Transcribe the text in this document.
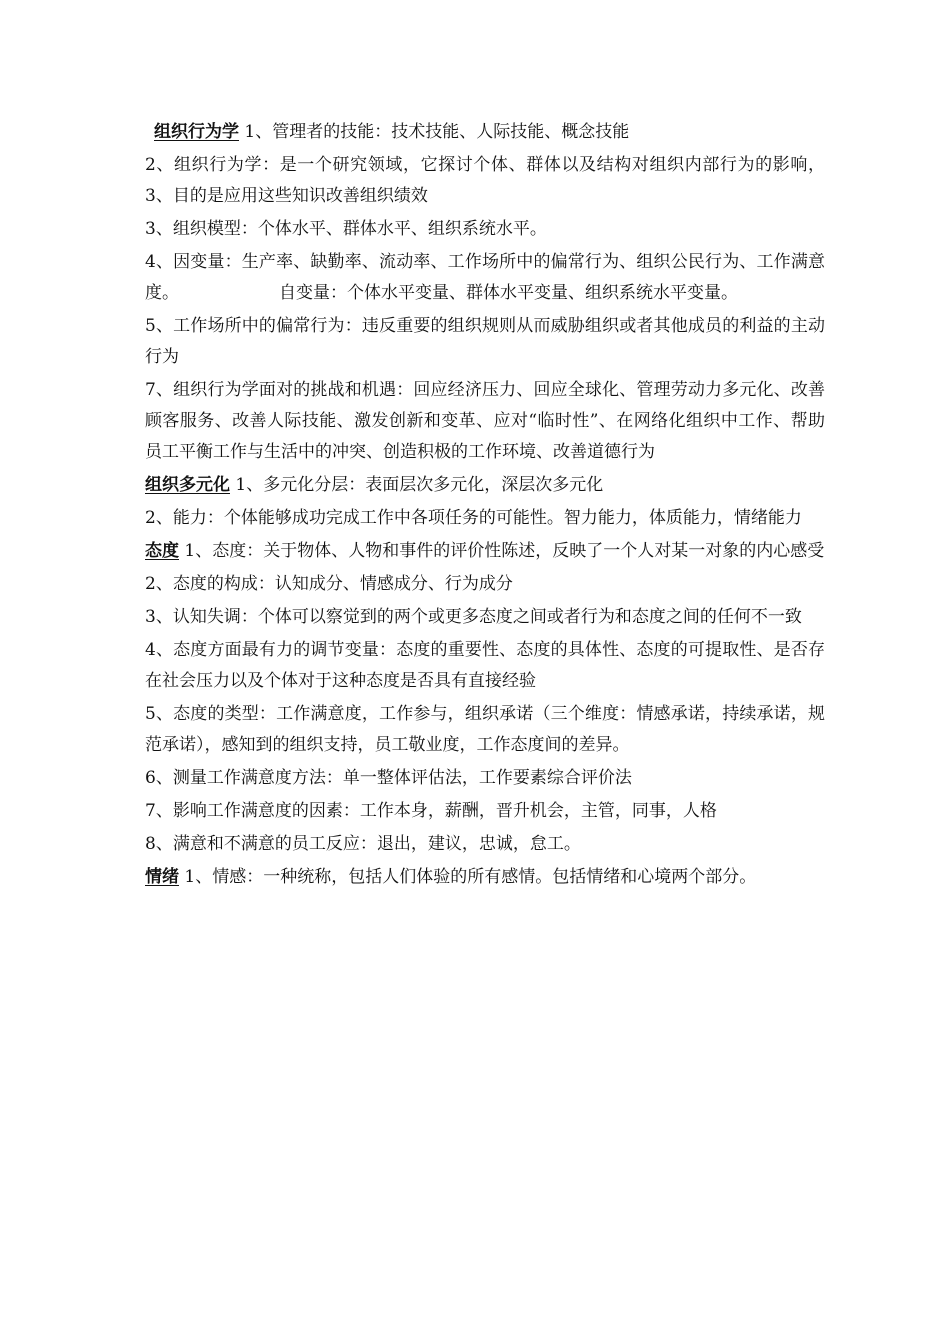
组织行为学 1、管理者的技能：技术技能、人际技能、概念技能

2、组织行为学：是一个研究领域，它探讨个体、群体以及结构对组织内部行为的影响，3、目的是应用这些知识改善组织绩效

3、组织模型：个体水平、群体水平、组织系统水平。

4、因变量：生产率、缺勤率、流动率、工作场所中的偏常行为、组织公民行为、工作满意度。	自变量：个体水平变量、群体水平变量、组织系统水平变量。

5、工作场所中的偏常行为：违反重要的组织规则从而威胁组织或者其他成员的利益的主动行为

7、组织行为学面对的挑战和机遇：回应经济压力、回应全球化、管理劳动力多元化、改善顾客服务、改善人际技能、激发创新和变革、应对“临时性”、在网络化组织中工作、帮助员工平衡工作与生活中的冲突、创造积极的工作环境、改善道德行为

组织多元化 1、多元化分层：表面层次多元化，深层次多元化

2、能力：个体能够成功完成工作中各项任务的可能性。智力能力，体质能力，情绪能力

态度 1、态度：关于物体、人物和事件的评价性陈述，反映了一个人对某一对象的内心感受

2、态度的构成：认知成分、情感成分、行为成分

3、认知失调：个体可以察觉到的两个或更多态度之间或者行为和态度之间的任何不一致

4、态度方面最有力的调节变量：态度的重要性、态度的具体性、态度的可提取性、是否存在社会压力以及个体对于这种态度是否具有直接经验

5、态度的类型：工作满意度，工作参与，组织承诺（三个维度：情感承诺，持续承诺，规范承诺），感知到的组织支持，员工敬业度，工作态度间的差异。

6、测量工作满意度方法：单一整体评估法，工作要素综合评价法

7、影响工作满意度的因素：工作本身，薪酬，晋升机会，主管，同事，人格

8、满意和不满意的员工反应：退出，建议，忠诚，怠工。

情绪 1、情感：一种统称，包括人们体验的所有感情。包括情绪和心境两个部分。
